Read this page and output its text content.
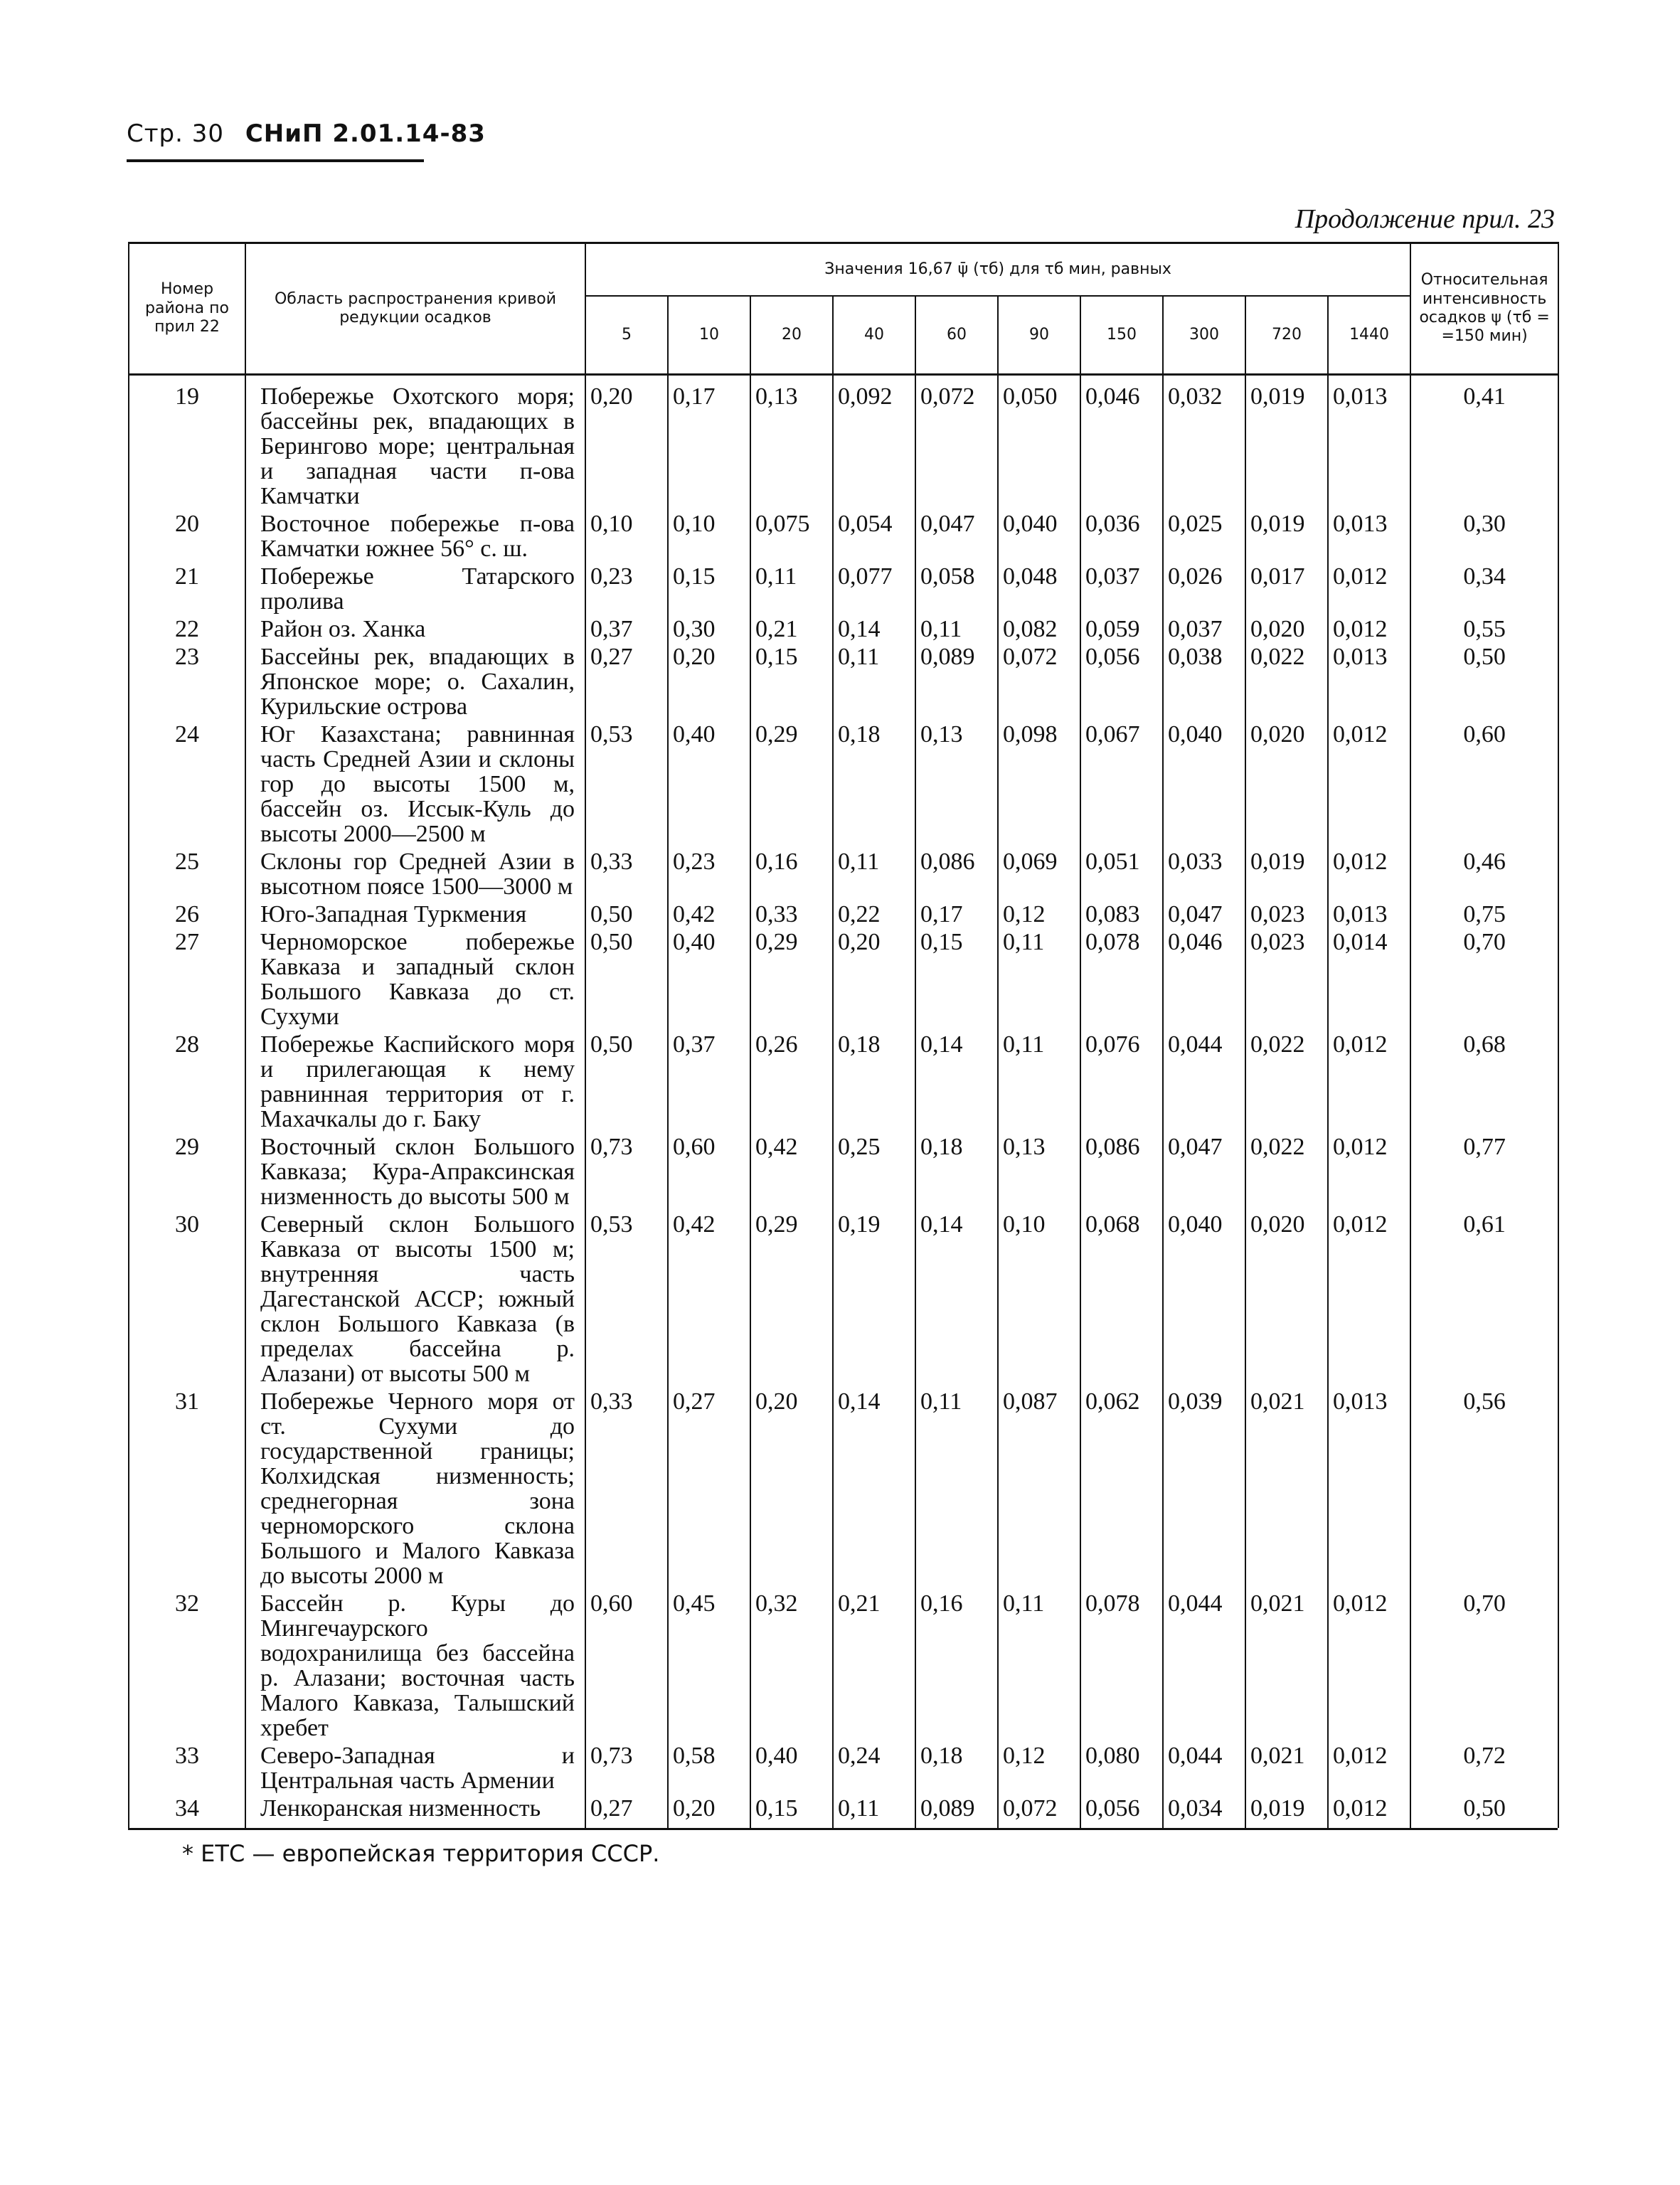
Стр. 30 СНиП 2.01.14-83
Продолжение прил. 23
Номер района по прил 22	Область распространения кривой редукции осадков	Значения 16,67 ψ̄ (τб) для τб мин, равных										Относительная интенсивность осадков ψ (τб = =150 мин)
		5	10	20	40	60	90	150	300	720	1440	
19	Побережье Охотского моря; бассейны рек, впадающих в Берингово море; центральная и западная части п-ова Камчатки	0,20	0,17	0,13	0,092	0,072	0,050	0,046	0,032	0,019	0,013	0,41
20	Восточное побережье п-ова Камчатки южнее 56° с. ш.	0,10	0,10	0,075	0,054	0,047	0,040	0,036	0,025	0,019	0,013	0,30
21	Побережье Татарского пролива	0,23	0,15	0,11	0,077	0,058	0,048	0,037	0,026	0,017	0,012	0,34
22	Район оз. Ханка	0,37	0,30	0,21	0,14	0,11	0,082	0,059	0,037	0,020	0,012	0,55
23	Бассейны рек, впадающих в Японское море; о. Сахалин, Курильские острова	0,27	0,20	0,15	0,11	0,089	0,072	0,056	0,038	0,022	0,013	0,50
24	Юг Казахстана; равнинная часть Средней Азии и склоны гор до высоты 1500 м, бассейн оз. Иссык-Куль до высоты 2000—2500 м	0,53	0,40	0,29	0,18	0,13	0,098	0,067	0,040	0,020	0,012	0,60
25	Склоны гор Средней Азии в высотном поясе 1500—3000 м	0,33	0,23	0,16	0,11	0,086	0,069	0,051	0,033	0,019	0,012	0,46
26	Юго-Западная Туркмения	0,50	0,42	0,33	0,22	0,17	0,12	0,083	0,047	0,023	0,013	0,75
27	Черноморское побережье Кавказа и западный склон Большого Кавказа до ст. Сухуми	0,50	0,40	0,29	0,20	0,15	0,11	0,078	0,046	0,023	0,014	0,70
28	Побережье Каспийского моря и прилегающая к нему равнинная территория от г. Махачкалы до г. Баку	0,50	0,37	0,26	0,18	0,14	0,11	0,076	0,044	0,022	0,012	0,68
29	Восточный склон Большого Кавказа; Кура-Апраксинская низменность до высоты 500 м	0,73	0,60	0,42	0,25	0,18	0,13	0,086	0,047	0,022	0,012	0,77
30	Северный склон Большого Кавказа от высоты 1500 м; внутренняя часть Дагестанской АССР; южный склон Большого Кавказа (в пределах бассейна р. Алазани) от высоты 500 м	0,53	0,42	0,29	0,19	0,14	0,10	0,068	0,040	0,020	0,012	0,61
31	Побережье Черного моря от ст. Сухуми до государственной границы; Колхидская низменность; среднегорная зона черноморского склона Большого и Малого Кавказа до высоты 2000 м	0,33	0,27	0,20	0,14	0,11	0,087	0,062	0,039	0,021	0,013	0,56
32	Бассейн р. Куры до Мингечаурского водохранилища без бассейна р. Алазани; восточная часть Малого Кавказа, Талышский хребет	0,60	0,45	0,32	0,21	0,16	0,11	0,078	0,044	0,021	0,012	0,70
33	Северо-Западная и Центральная часть Армении	0,73	0,58	0,40	0,24	0,18	0,12	0,080	0,044	0,021	0,012	0,72
34	Ленкоранская низменность	0,27	0,20	0,15	0,11	0,089	0,072	0,056	0,034	0,019	0,012	0,50
* ЕТС — европейская территория СССР.
